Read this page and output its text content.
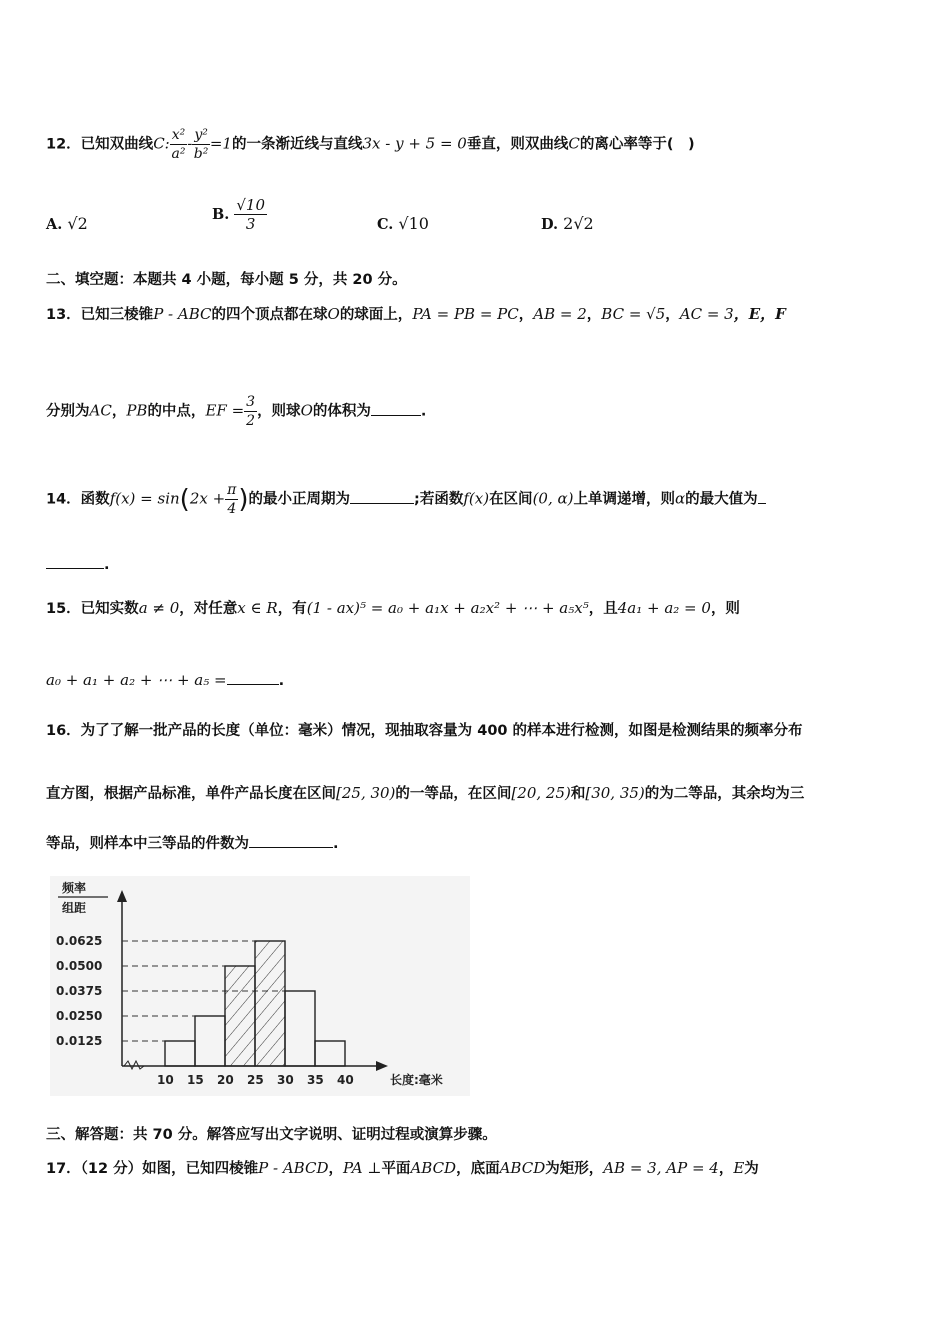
12．已知双曲线C: $\frac{\text{x²}}{\text{a²}} - \frac{\text{y²}}{\text{b²}} =1$的一条渐近线与直线3x - y + 5 = 0垂直，则双曲线C的离心率等于(　)
A. √2	B. $\frac{√10}{3}$	C. √10	D. 2√2
二、填空题：本题共 4 小题，每小题 5 分，共 20 分。
13．已知三棱锥P - ABC的四个顶点都在球O的球面上，PA = PB = PC，AB = 2，BC = √5，AC = 3，E，F
分别为AC，PB的中点，EF = $\frac{3}{2}$ ，则球O的体积为	.
14．函数$f(x) = \sin(2x + \frac{\pi}{4}$ )的最小正周期为	;若函数f(x)在区间(0, α)上单调递增，则α的最大值为
.
15．已知实数a ≠ 0，对任意x ∈ R，有(1 - ax)⁵ = a₀ + a₁x + a₂x² + ⋯ + a₅x⁵，且4a₁ + a₂ = 0，则
a₀ + a₁ + a₂ + ⋯ + a₅ =	.
16．为了了解一批产品的长度（单位：毫米）情况，现抽取容量为 400 的样本进行检测，如图是检测结果的频率分布
直方图，根据产品标准，单件产品长度在区间[25, 30)的一等品，在区间[20, 25)和[30, 35)的为二等品，其余均为三
等品，则样本中三等品的件数为	.
频率
组距
0.0625
0.0500
0.0375
0.0250
0.0125
10 15 20 25 30 35 40	长度:毫米
三、解答题：共 70 分。解答应写出文字说明、证明过程或演算步骤。
17．（12 分）如图，已知四棱锥P - ABCD，PA ⊥平面ABCD，底面ABCD为矩形，AB = 3, AP = 4，E为
